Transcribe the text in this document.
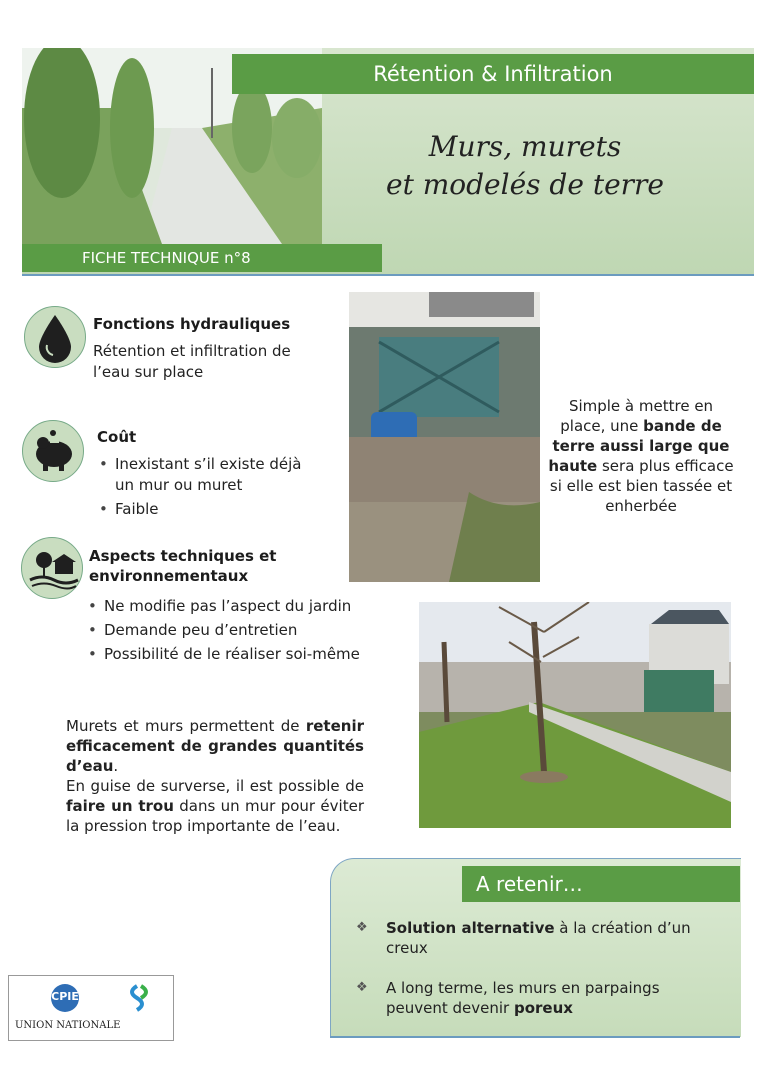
Rétention & Infiltration
Murs, murets
et modelés de terre
FICHE TECHNIQUE n°8
Fonctions hydrauliques
Rétention et infiltration de
l’eau sur place
Coût
• Inexistant s’il existe déjà un mur ou muret
• Faible
Aspects techniques et
environnementaux
• Ne modifie pas l’aspect du jardin
• Demande peu d’entretien
• Possibilité de le réaliser soi-même
Simple à mettre en place, une bande de terre aussi large que haute sera plus efficace si elle est bien tassée et enherbée
Murets et murs permettent de retenir efficacement de grandes quantités d’eau.
En guise de surverse, il est possible de faire un trou dans un mur pour éviter la pression trop importante de l’eau.
A retenir…
❖ Solution alternative à la création d’un creux
❖ A long terme, les murs en parpaings peuvent devenir poreux
CPIE
UNION NATIONALE
